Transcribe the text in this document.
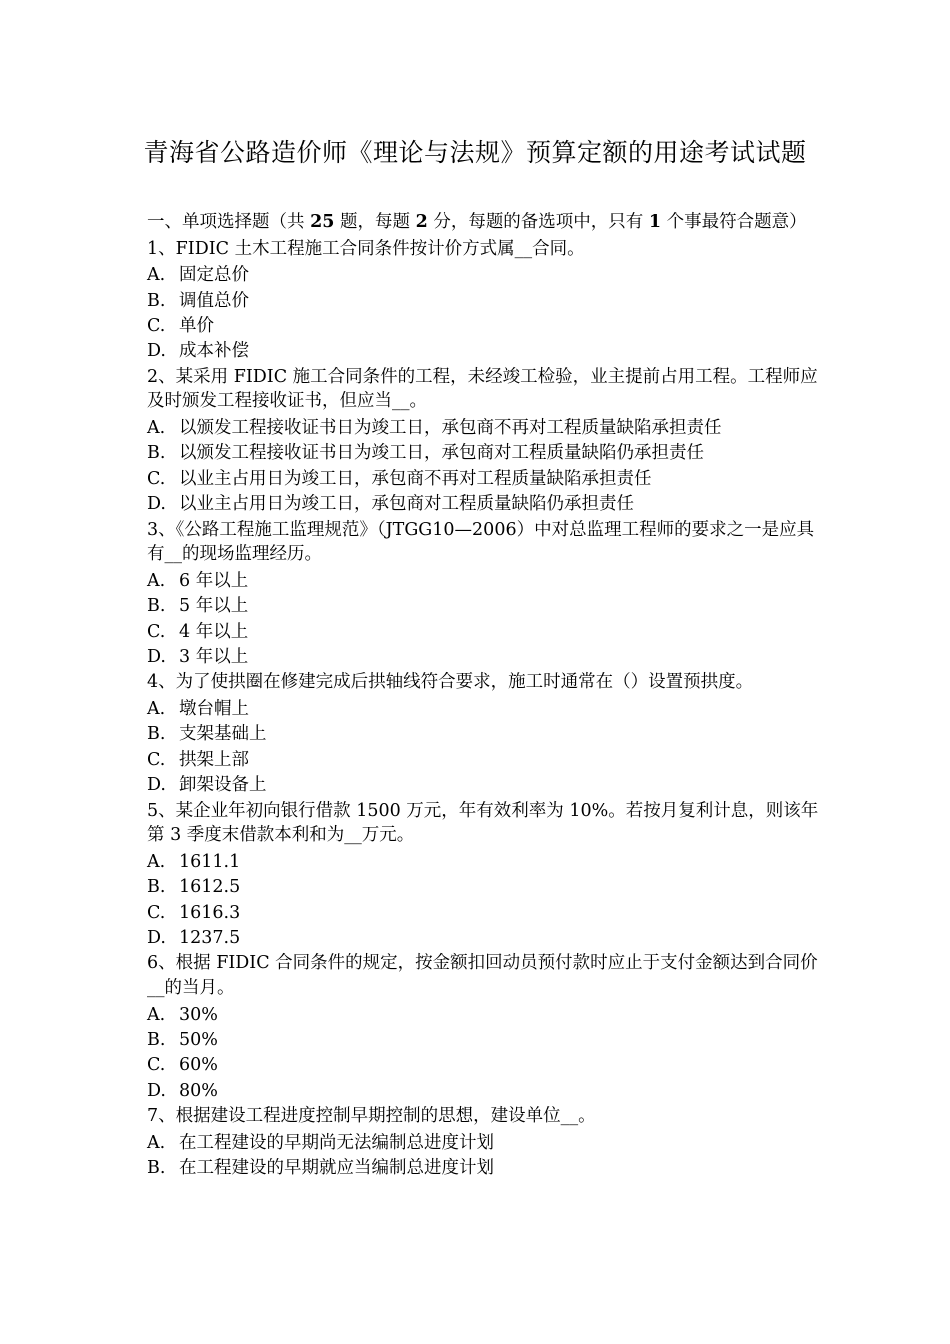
青海省公路造价师《理论与法规》预算定额的用途考试试题
一、单项选择题（共 25 题，每题 2 分，每题的备选项中，只有 1 个事最符合题意）
1、FIDIC 土木工程施工合同条件按计价方式属__合同。
A. 固定总价
B. 调值总价
C. 单价
D. 成本补偿
2、某采用 FIDIC 施工合同条件的工程，未经竣工检验，业主提前占用工程。工程师应及时颁发工程接收证书，但应当__。
A. 以颁发工程接收证书日为竣工日，承包商不再对工程质量缺陷承担责任
B. 以颁发工程接收证书日为竣工日，承包商对工程质量缺陷仍承担责任
C. 以业主占用日为竣工日，承包商不再对工程质量缺陷承担责任
D. 以业主占用日为竣工日，承包商对工程质量缺陷仍承担责任
3、《公路工程施工监理规范》（JTGG10—2006）中对总监理工程师的要求之一是应具有__的现场监理经历。
A. 6 年以上
B. 5 年以上
C. 4 年以上
D. 3 年以上
4、为了使拱圈在修建完成后拱轴线符合要求，施工时通常在（）设置预拱度。
A. 墩台帽上
B. 支架基础上
C. 拱架上部
D. 卸架设备上
5、某企业年初向银行借款 1500 万元，年有效利率为 10%。若按月复利计息，则该年第 3 季度末借款本利和为__万元。
A. 1611.1
B. 1612.5
C. 1616.3
D. 1237.5
6、根据 FIDIC 合同条件的规定，按金额扣回动员预付款时应止于支付金额达到合同价__的当月。
A. 30%
B. 50%
C. 60%
D. 80%
7、根据建设工程进度控制早期控制的思想，建设单位__。
A. 在工程建设的早期尚无法编制总进度计划
B. 在工程建设的早期就应当编制总进度计划
